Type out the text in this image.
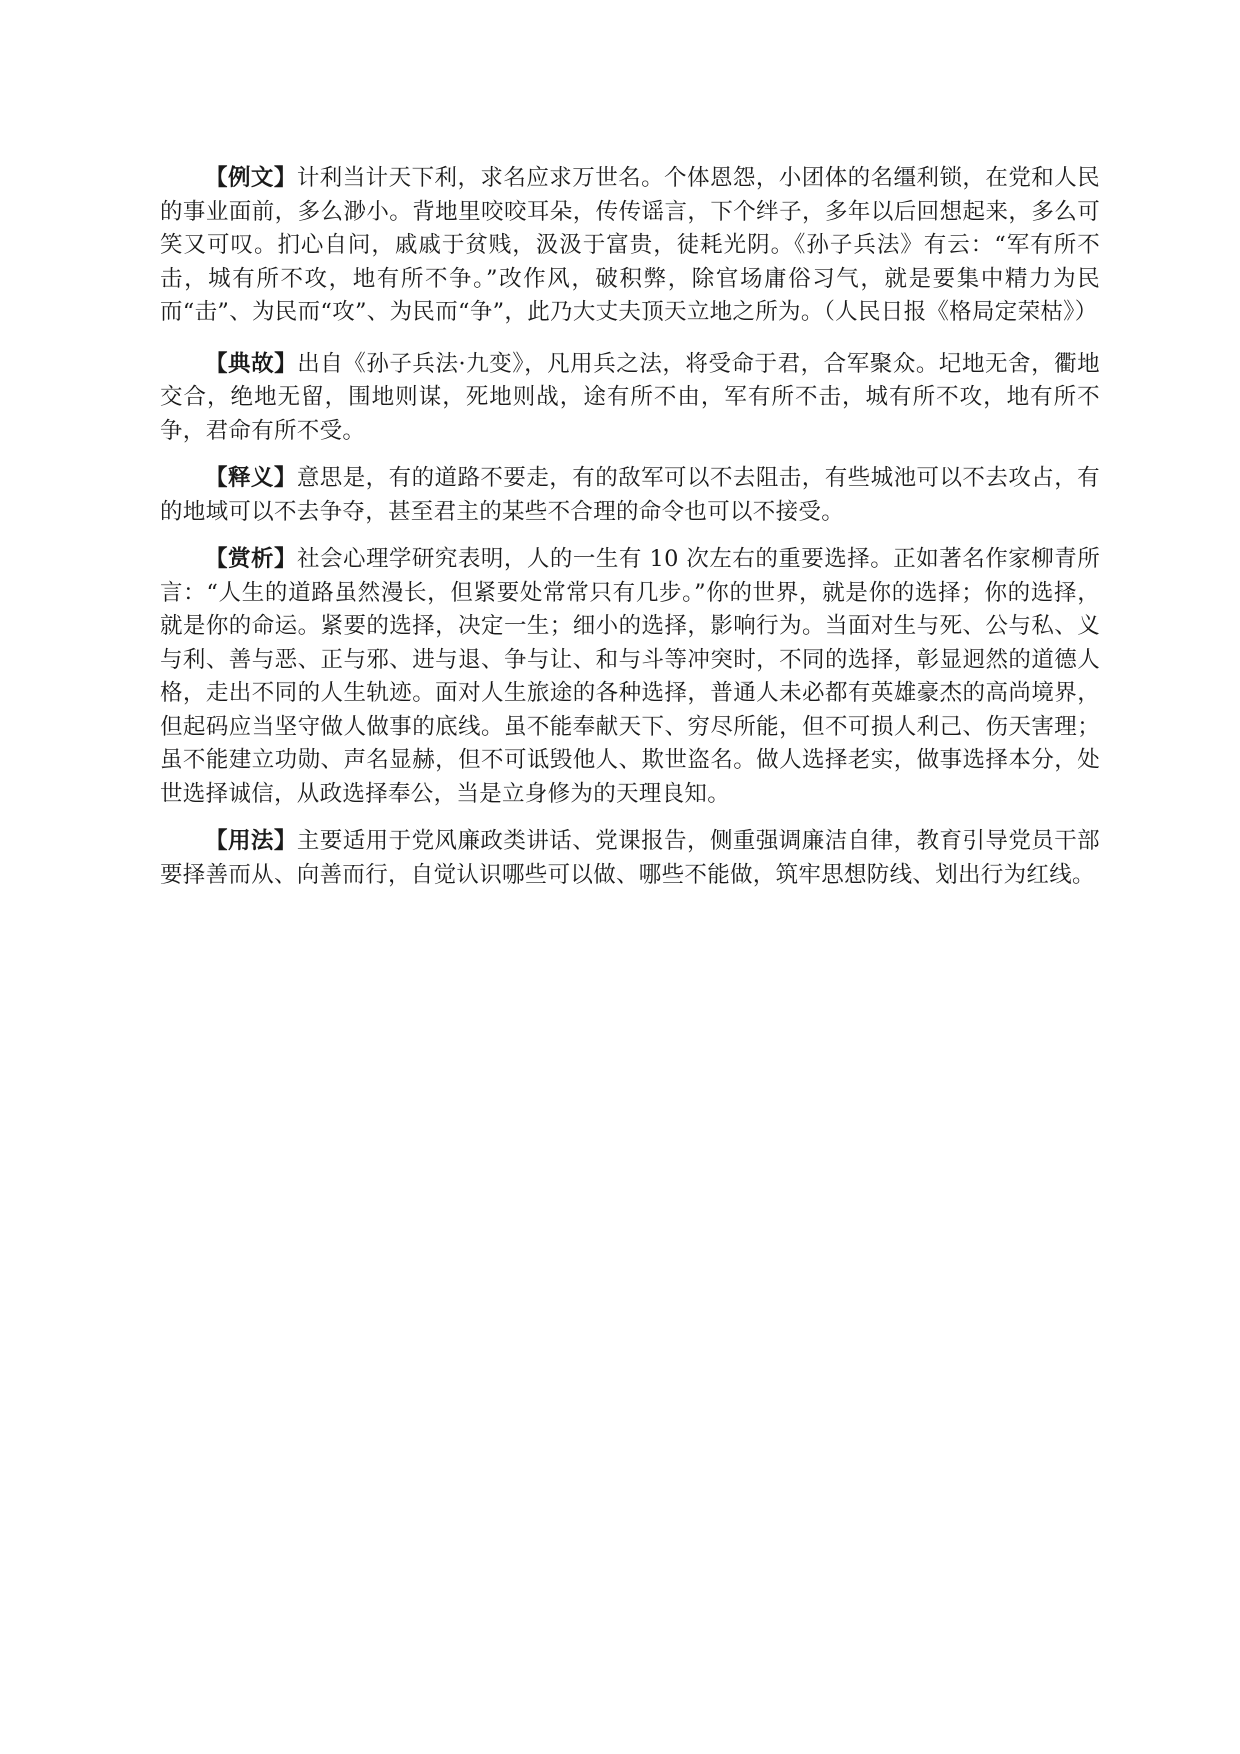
【例文】计利当计天下利，求名应求万世名。个体恩怨，小团体的名缰利锁，在党和人民的事业面前，多么渺小。背地里咬咬耳朵，传传谣言，下个绊子，多年以后回想起来，多么可笑又可叹。扪心自问，戚戚于贫贱，汲汲于富贵，徒耗光阴。《孙子兵法》有云：“军有所不击，城有所不攻，地有所不争。”改作风，破积弊，除官场庸俗习气，就是要集中精力为民而“击”、为民而“攻”、为民而“争”，此乃大丈夫顶天立地之所为。（人民日报《格局定荣枯》）

【典故】出自《孙子兵法·九变》，凡用兵之法，将受命于君，合军聚众。圮地无舍，衢地交合，绝地无留，围地则谋，死地则战，途有所不由，军有所不击，城有所不攻，地有所不争，君命有所不受。

【释义】意思是，有的道路不要走，有的敌军可以不去阻击，有些城池可以不去攻占，有的地域可以不去争夺，甚至君主的某些不合理的命令也可以不接受。

【赏析】社会心理学研究表明，人的一生有 10 次左右的重要选择。正如著名作家柳青所言：“人生的道路虽然漫长，但紧要处常常只有几步。”你的世界，就是你的选择；你的选择，就是你的命运。紧要的选择，决定一生；细小的选择，影响行为。当面对生与死、公与私、义与利、善与恶、正与邪、进与退、争与让、和与斗等冲突时，不同的选择，彰显迥然的道德人格，走出不同的人生轨迹。面对人生旅途的各种选择，普通人未必都有英雄豪杰的高尚境界，但起码应当坚守做人做事的底线。虽不能奉献天下、穷尽所能，但不可损人利己、伤天害理；虽不能建立功勋、声名显赫，但不可诋毁他人、欺世盗名。做人选择老实，做事选择本分，处世选择诚信，从政选择奉公，当是立身修为的天理良知。

【用法】主要适用于党风廉政类讲话、党课报告，侧重强调廉洁自律，教育引导党员干部要择善而从、向善而行，自觉认识哪些可以做、哪些不能做，筑牢思想防线、划出行为红线。
